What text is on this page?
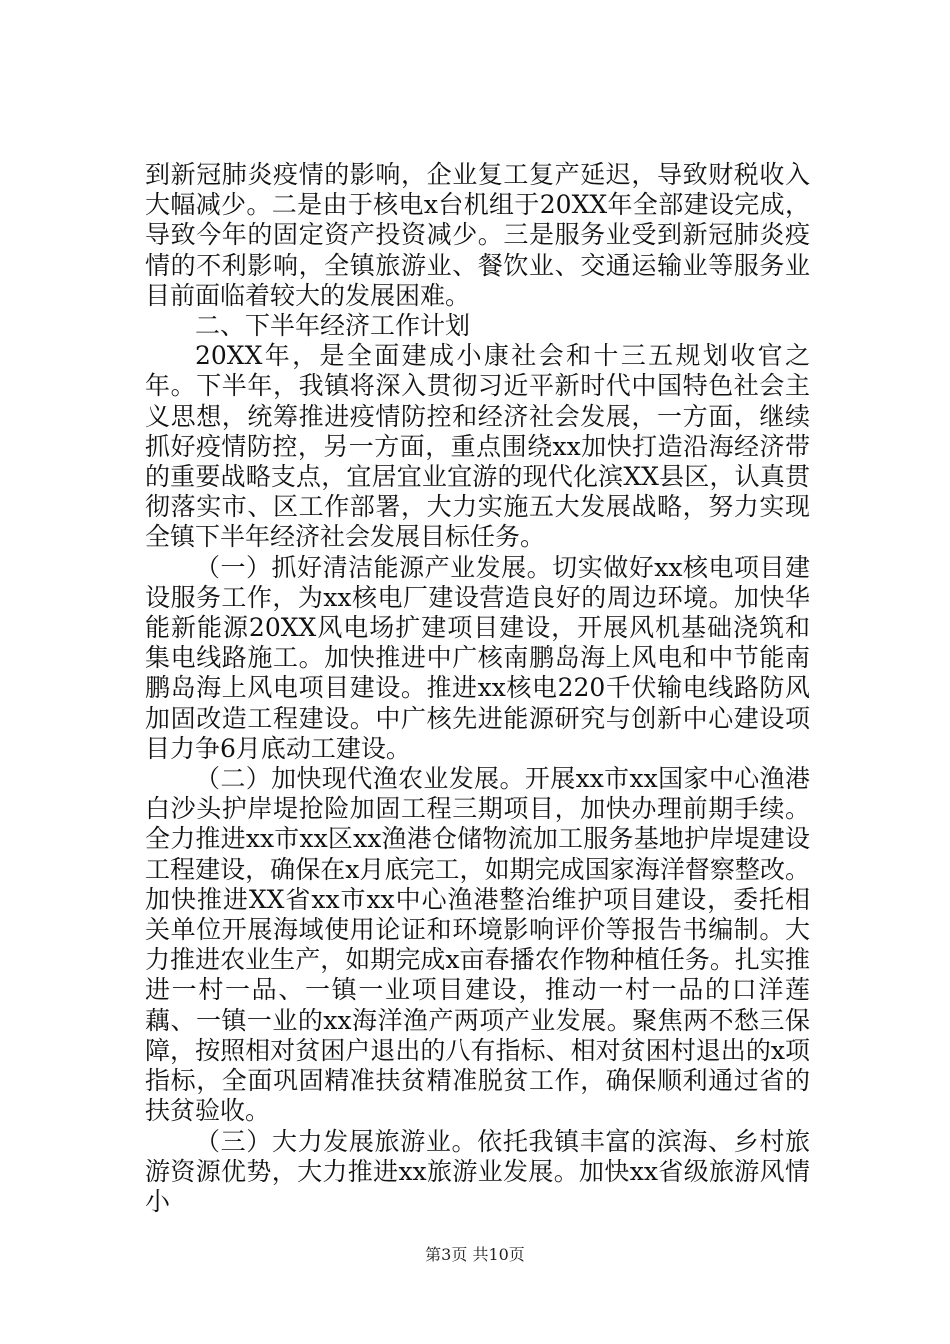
到新冠肺炎疫情的影响，企业复工复产延迟，导致财税收入大幅减少。二是由于核电x台机组于20XX年全部建设完成，导致今年的固定资产投资减少。三是服务业受到新冠肺炎疫情的不利影响，全镇旅游业、餐饮业、交通运输业等服务业目前面临着较大的发展困难。

二、下半年经济工作计划

20XX年，是全面建成小康社会和十三五规划收官之年。下半年，我镇将深入贯彻习近平新时代中国特色社会主义思想，统筹推进疫情防控和经济社会发展，一方面，继续抓好疫情防控，另一方面，重点围绕xx加快打造沿海经济带的重要战略支点，宜居宜业宜游的现代化滨XX县区，认真贯彻落实市、区工作部署，大力实施五大发展战略，努力实现全镇下半年经济社会发展目标任务。

（一）抓好清洁能源产业发展。切实做好xx核电项目建设服务工作，为xx核电厂建设营造良好的周边环境。加快华能新能源20XX风电场扩建项目建设，开展风机基础浇筑和集电线路施工。加快推进中广核南鹏岛海上风电和中节能南鹏岛海上风电项目建设。推进xx核电220千伏输电线路防风加固改造工程建设。中广核先进能源研究与创新中心建设项目力争6月底动工建设。

（二）加快现代渔农业发展。开展xx市xx国家中心渔港白沙头护岸堤抢险加固工程三期项目，加快办理前期手续。全力推进xx市xx区xx渔港仓储物流加工服务基地护岸堤建设工程建设，确保在x月底完工，如期完成国家海洋督察整改。加快推进XX省xx市xx中心渔港整治维护项目建设，委托相关单位开展海域使用论证和环境影响评价等报告书编制。大力推进农业生产，如期完成x亩春播农作物种植任务。扎实推进一村一品、一镇一业项目建设，推动一村一品的口洋莲藕、一镇一业的xx海洋渔产两项产业发展。聚焦两不愁三保障，按照相对贫困户退出的八有指标、相对贫困村退出的x项指标，全面巩固精准扶贫精准脱贫工作，确保顺利通过省的扶贫验收。

（三）大力发展旅游业。依托我镇丰富的滨海、乡村旅游资源优势，大力推进xx旅游业发展。加快xx省级旅游风情小

第3页 共10页
